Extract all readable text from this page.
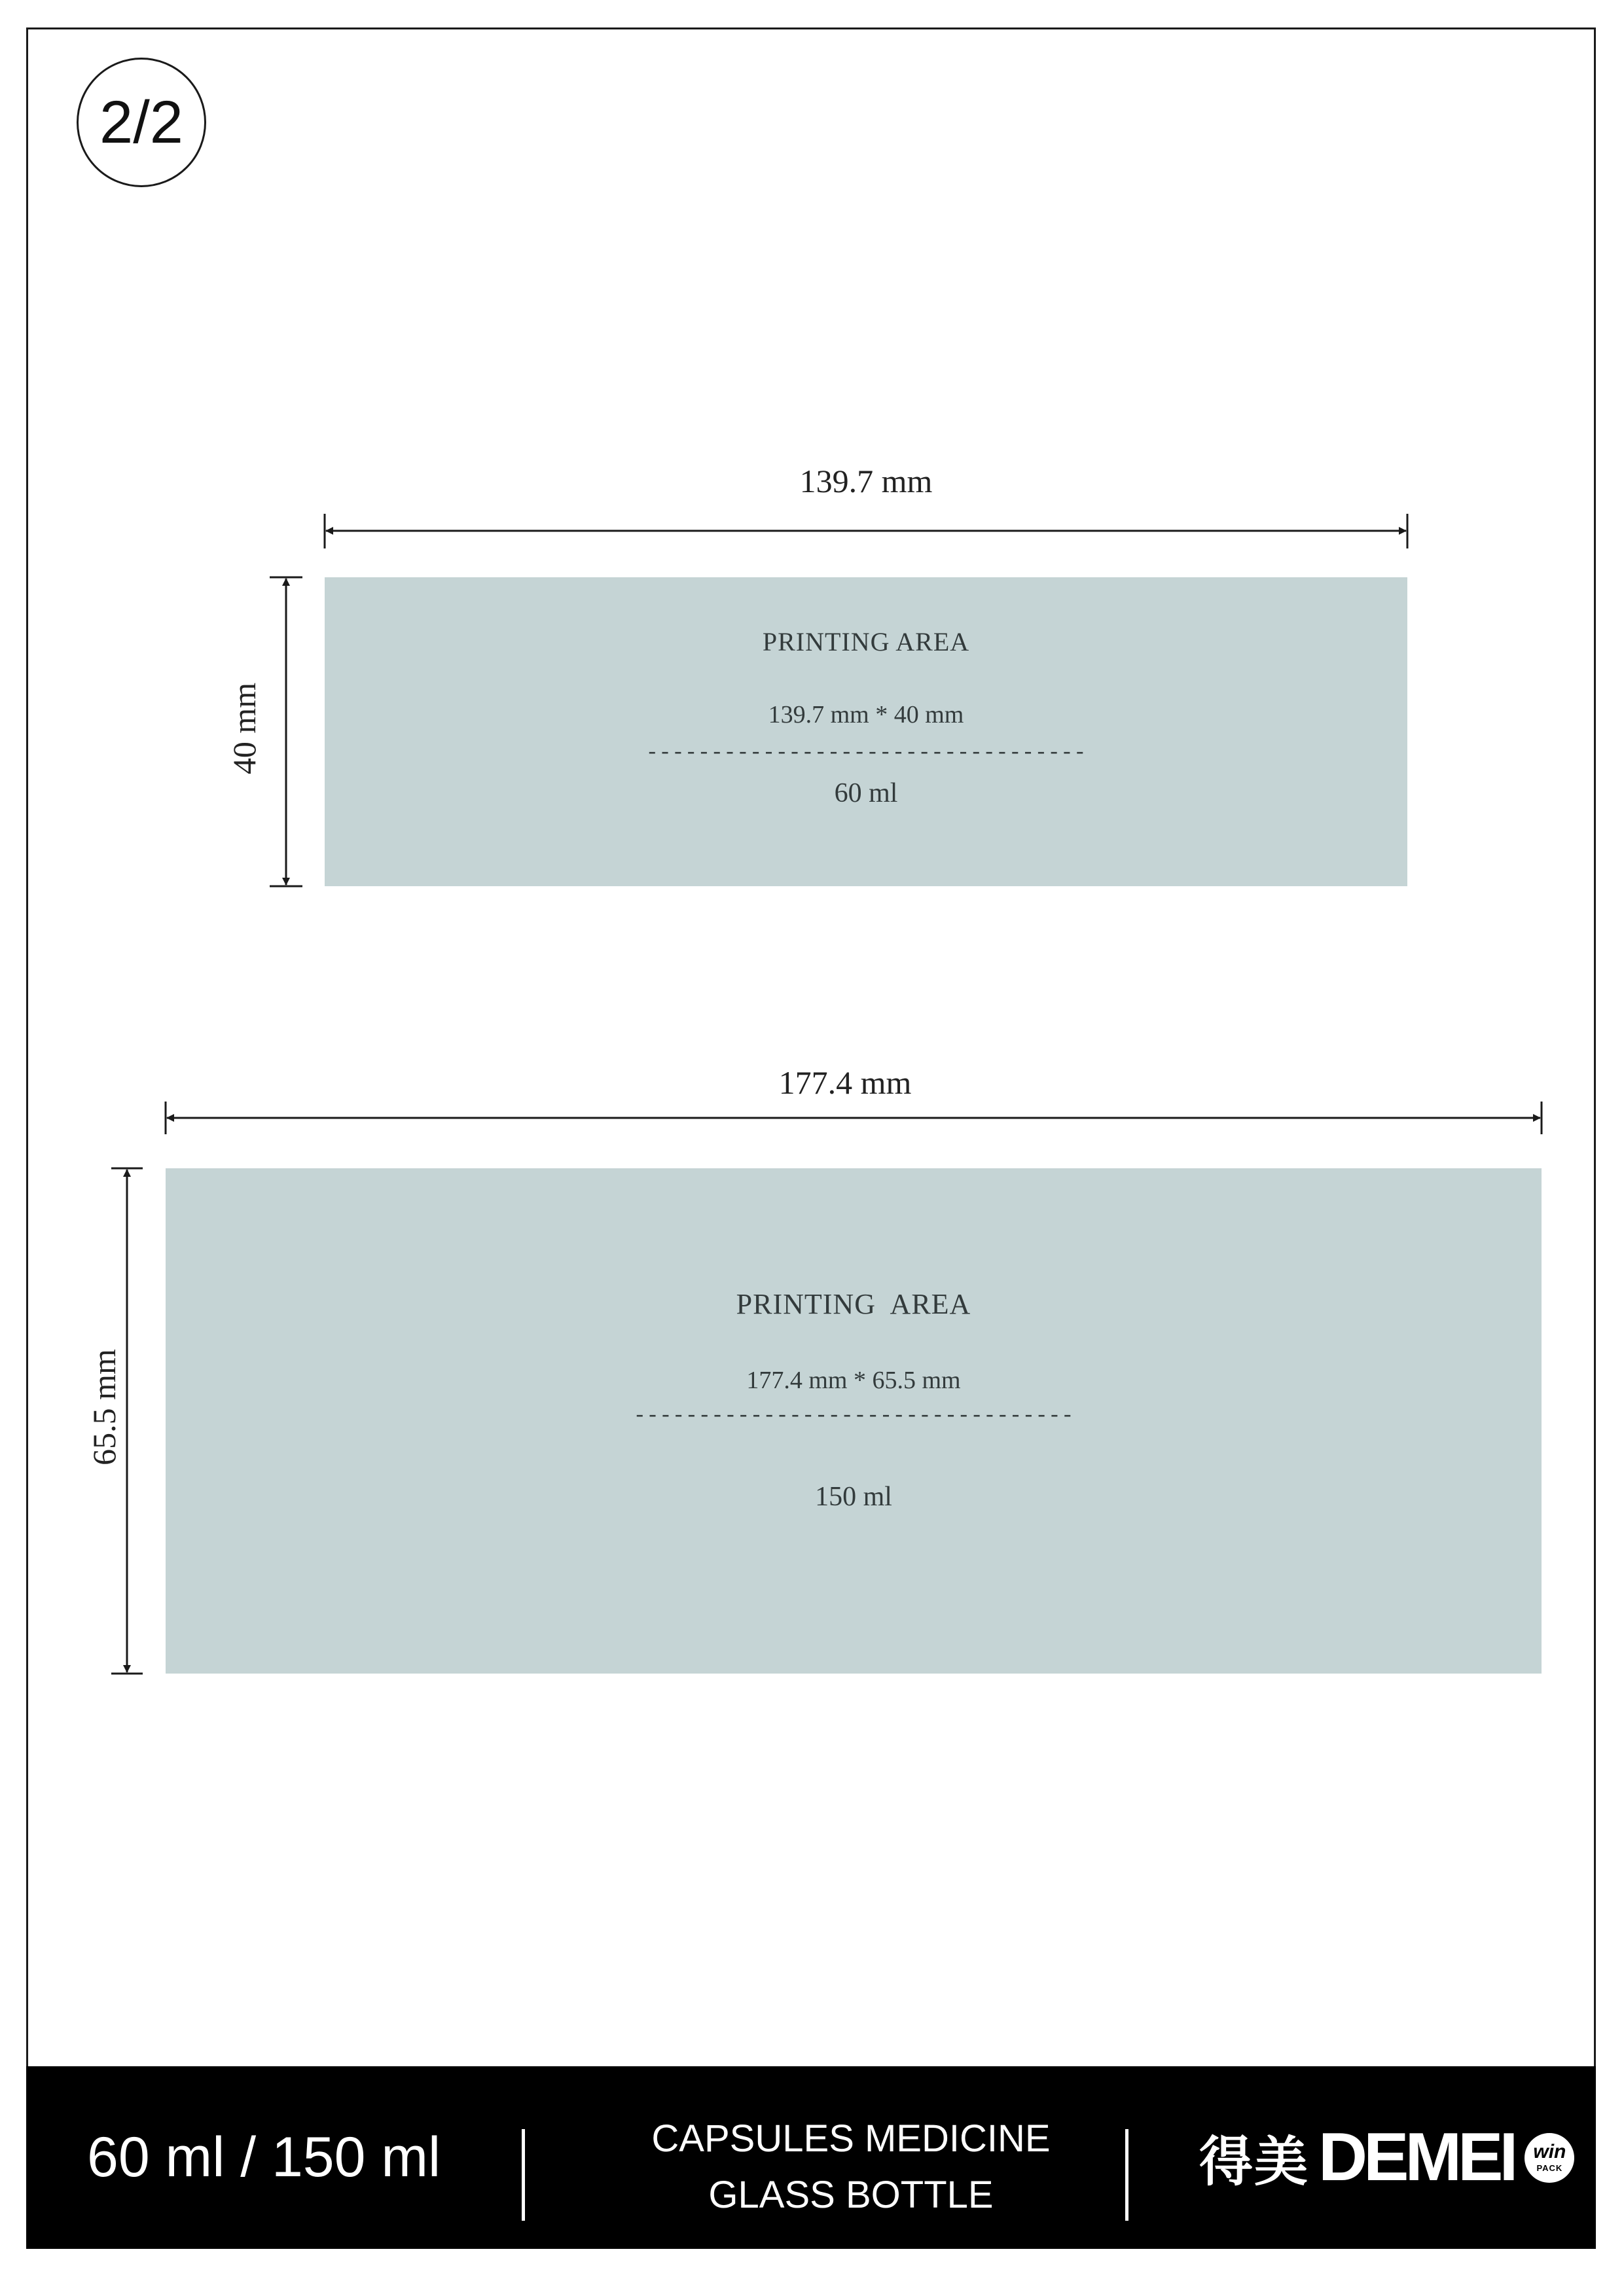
2/2
139.7 mm
40 mm
PRINTING AREA
139.7 mm * 40 mm
----------------------------------
60 ml
177.4 mm
65.5 mm
PRINTING  AREA
177.4 mm * 65.5 mm
----------------------------------
150 ml
60 ml / 150 ml	CAPSULES MEDICINE
GLASS BOTTLE
得美 DEMEI win
PACK
